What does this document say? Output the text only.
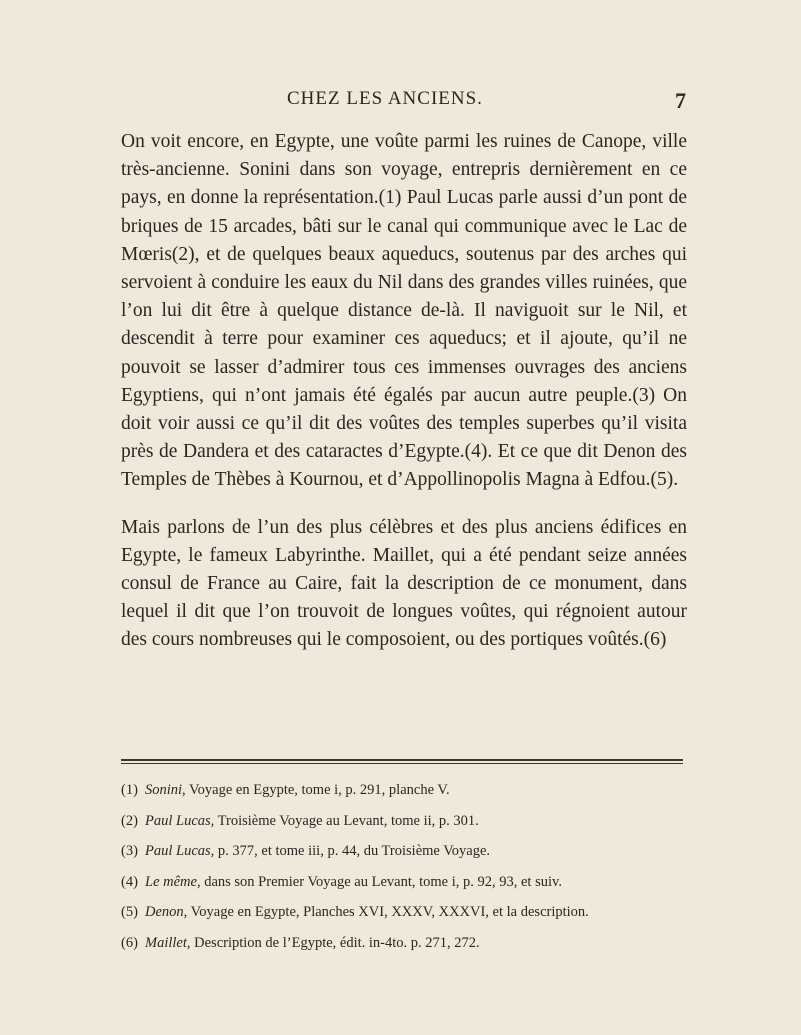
CHEZ LES ANCIENS.	7

On voit encore, en Egypte, une voûte parmi les ruines de Canope, ville très-ancienne. Sonini dans son voyage, entrepris dernièrement en ce pays, en donne la représentation.(1) Paul Lucas parle aussi d’un pont de briques de 15 arcades, bâti sur le canal qui communique avec le Lac de Mœris(2), et de quelques beaux aqueducs, soutenus par des arches qui servoient à conduire les eaux du Nil dans des grandes villes ruinées, que l’on lui dit être à quelque distance de-là. Il naviguoit sur le Nil, et descendit à terre pour examiner ces aqueducs; et il ajoute, qu’il ne pouvoit se lasser d’admirer tous ces immenses ouvrages des anciens Egyptiens, qui n’ont jamais été égalés par aucun autre peuple.(3) On doit voir aussi ce qu’il dit des voûtes des temples superbes qu’il visita près de Dandera et des cataractes d’Egypte.(4). Et ce que dit Denon des Temples de Thèbes à Kournou, et d’Appollinopolis Magna à Edfou.(5).

Mais parlons de l’un des plus célèbres et des plus anciens édifices en Egypte, le fameux Labyrinthe. Maillet, qui a été pendant seize années consul de France au Caire, fait la description de ce monument, dans lequel il dit que l’on trouvoit de longues voûtes, qui régnoient autour des cours nombreuses qui le composoient, ou des portiques voûtés.(6)

(1) Sonini, Voyage en Egypte, tome i, p. 291, planche V.

(2) Paul Lucas, Troisième Voyage au Levant, tome ii, p. 301.

(3) Paul Lucas, p. 377, et tome iii, p. 44, du Troisième Voyage.

(4) Le même, dans son Premier Voyage au Levant, tome i, p. 92, 93, et suiv.

(5) Denon, Voyage en Egypte, Planches XVI, XXXV, XXXVI, et la description.

(6) Maillet, Description de l’Egypte, édit. in-4to. p. 271, 272.
